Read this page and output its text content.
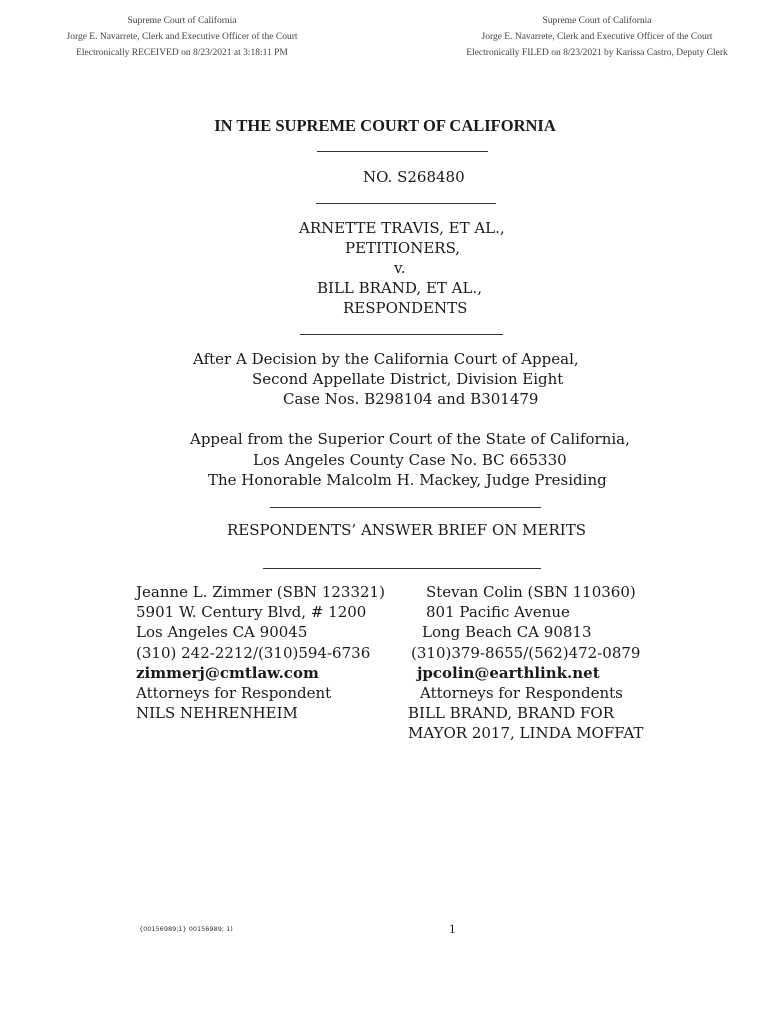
Supreme Court of California
Jorge E. Navarrete, Clerk and Executive Officer of the Court
Electronically RECEIVED on 8/23/2021 at 3:18:11 PM
Supreme Court of California
Jorge E. Navarrete, Clerk and Executive Officer of the Court
Electronically FILED on 8/23/2021 by Karissa Castro, Deputy Clerk
IN THE SUPREME COURT OF CALIFORNIA
NO. S268480
ARNETTE TRAVIS, ET AL.,
PETITIONERS,
v.
BILL BRAND, ET AL.,
RESPONDENTS
After A Decision by the California Court of Appeal,
Second Appellate District, Division Eight
Case Nos. B298104 and B301479
Appeal from the Superior Court of the State of California,
Los Angeles County Case No. BC 665330
The Honorable Malcolm H. Mackey, Judge Presiding
RESPONDENTS’ ANSWER BRIEF ON MERITS
Jeanne L. Zimmer (SBN 123321)
5901 W. Century Blvd, # 1200
Los Angeles CA 90045
(310) 242-2212/(310)594-6736
zimmerj@cmtlaw.com
Attorneys for Respondent
NILS NEHRENHEIM
Stevan Colin (SBN 110360)
801 Pacific Avenue
Long Beach CA 90813
(310)379-8655/(562)472-0879
jpcolin@earthlink.net
Attorneys for Respondents
BILL BRAND, BRAND FOR
MAYOR 2017, LINDA MOFFAT
{00156989;1} 00156989; 1)	1
